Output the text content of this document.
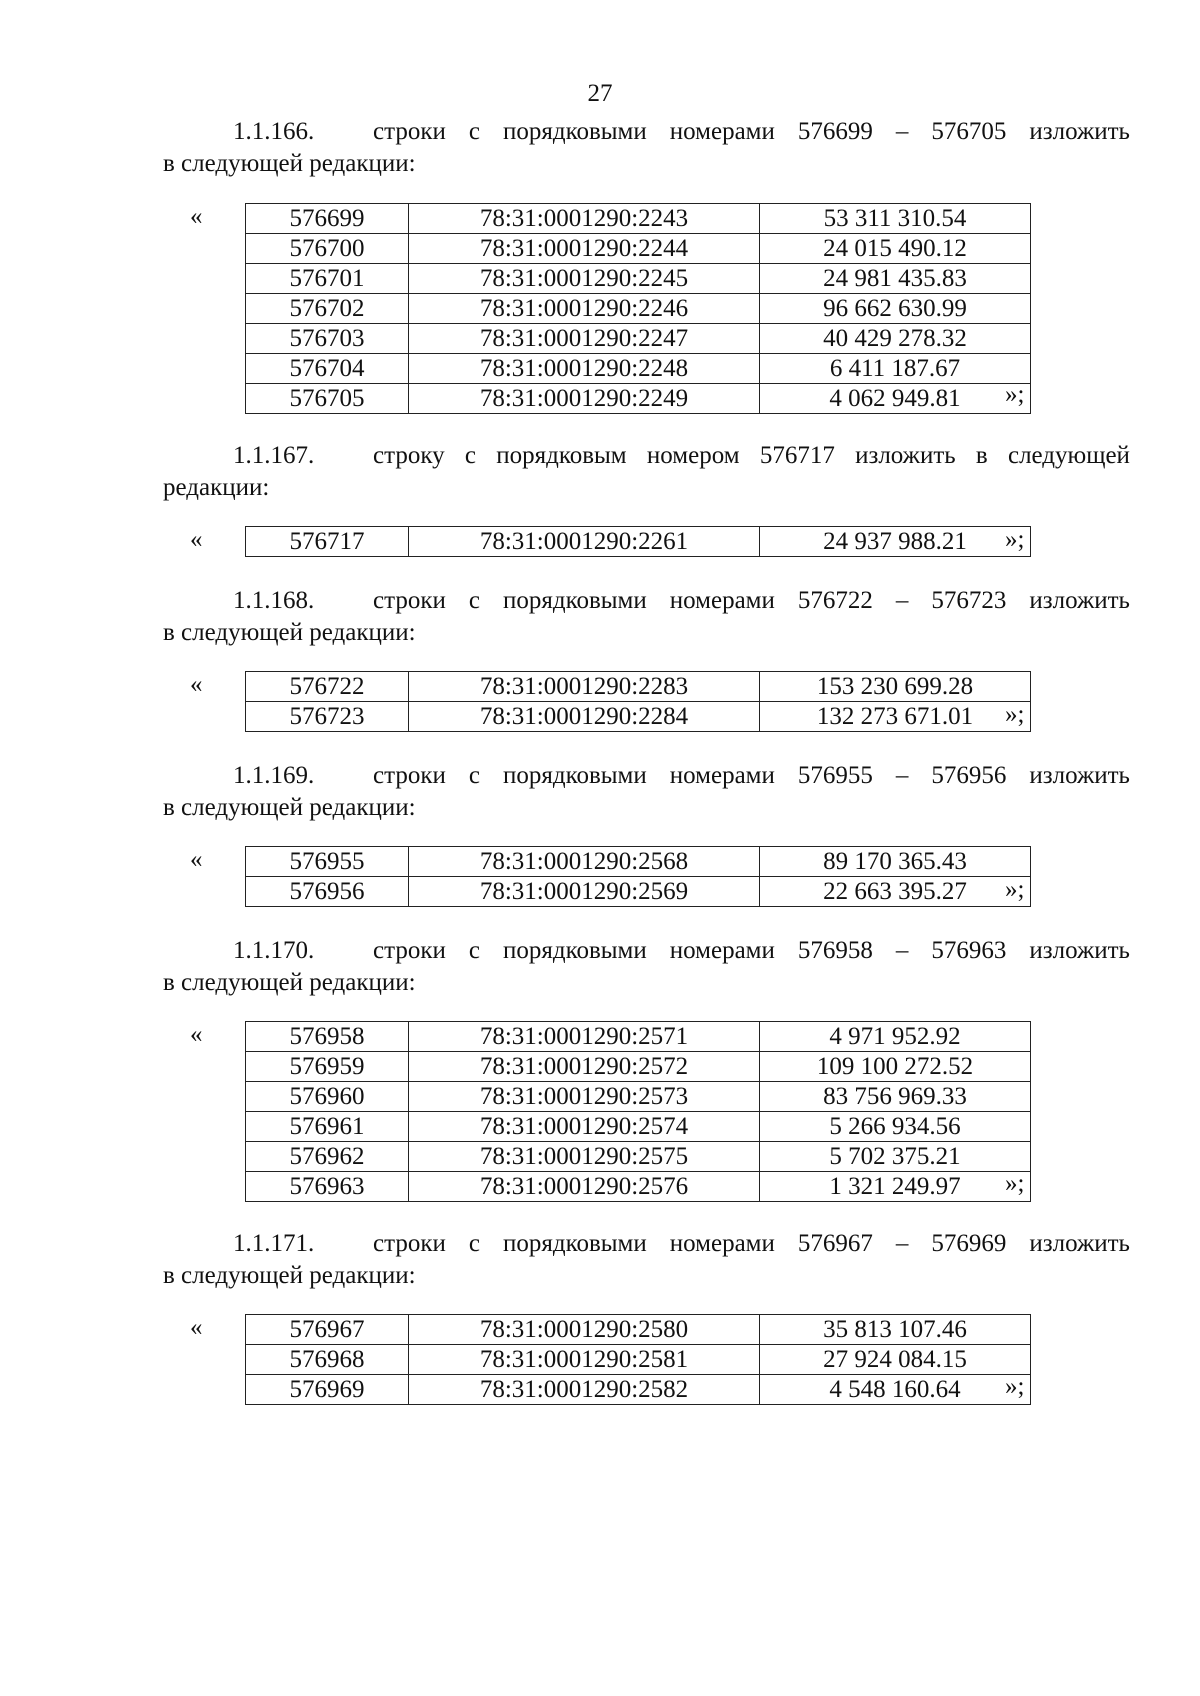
27
1.1.166.	строки с порядковыми номерами 576699 – 576705 изложить
в следующей редакции:
«	576699	78:31:0001290:2243	53 311 310.54
576700	78:31:0001290:2244	24 015 490.12
576701	78:31:0001290:2245	24 981 435.83
576702	78:31:0001290:2246	96 662 630.99
576703	78:31:0001290:2247	40 429 278.32
576704	78:31:0001290:2248	6 411 187.67
576705	78:31:0001290:2249	4 062 949.81 »;
1.1.167.	строку с порядковым номером 576717 изложить в следующей
редакции:
«	576717	78:31:0001290:2261	24 937 988.21 »;
1.1.168.	строки с порядковыми номерами 576722 – 576723 изложить
в следующей редакции:
«	576722	78:31:0001290:2283	153 230 699.28
576723	78:31:0001290:2284	132 273 671.01 »;
1.1.169.	строки с порядковыми номерами 576955 – 576956 изложить
в следующей редакции:
«	576955	78:31:0001290:2568	89 170 365.43
576956	78:31:0001290:2569	22 663 395.27 »;
1.1.170.	строки с порядковыми номерами 576958 – 576963 изложить
в следующей редакции:
«	576958	78:31:0001290:2571	4 971 952.92
576959	78:31:0001290:2572	109 100 272.52
576960	78:31:0001290:2573	83 756 969.33
576961	78:31:0001290:2574	5 266 934.56
576962	78:31:0001290:2575	5 702 375.21
576963	78:31:0001290:2576	1 321 249.97 »;
1.1.171.	строки с порядковыми номерами 576967 – 576969 изложить
в следующей редакции:
«	576967	78:31:0001290:2580	35 813 107.46
576968	78:31:0001290:2581	27 924 084.15
576969	78:31:0001290:2582	4 548 160.64 »;
